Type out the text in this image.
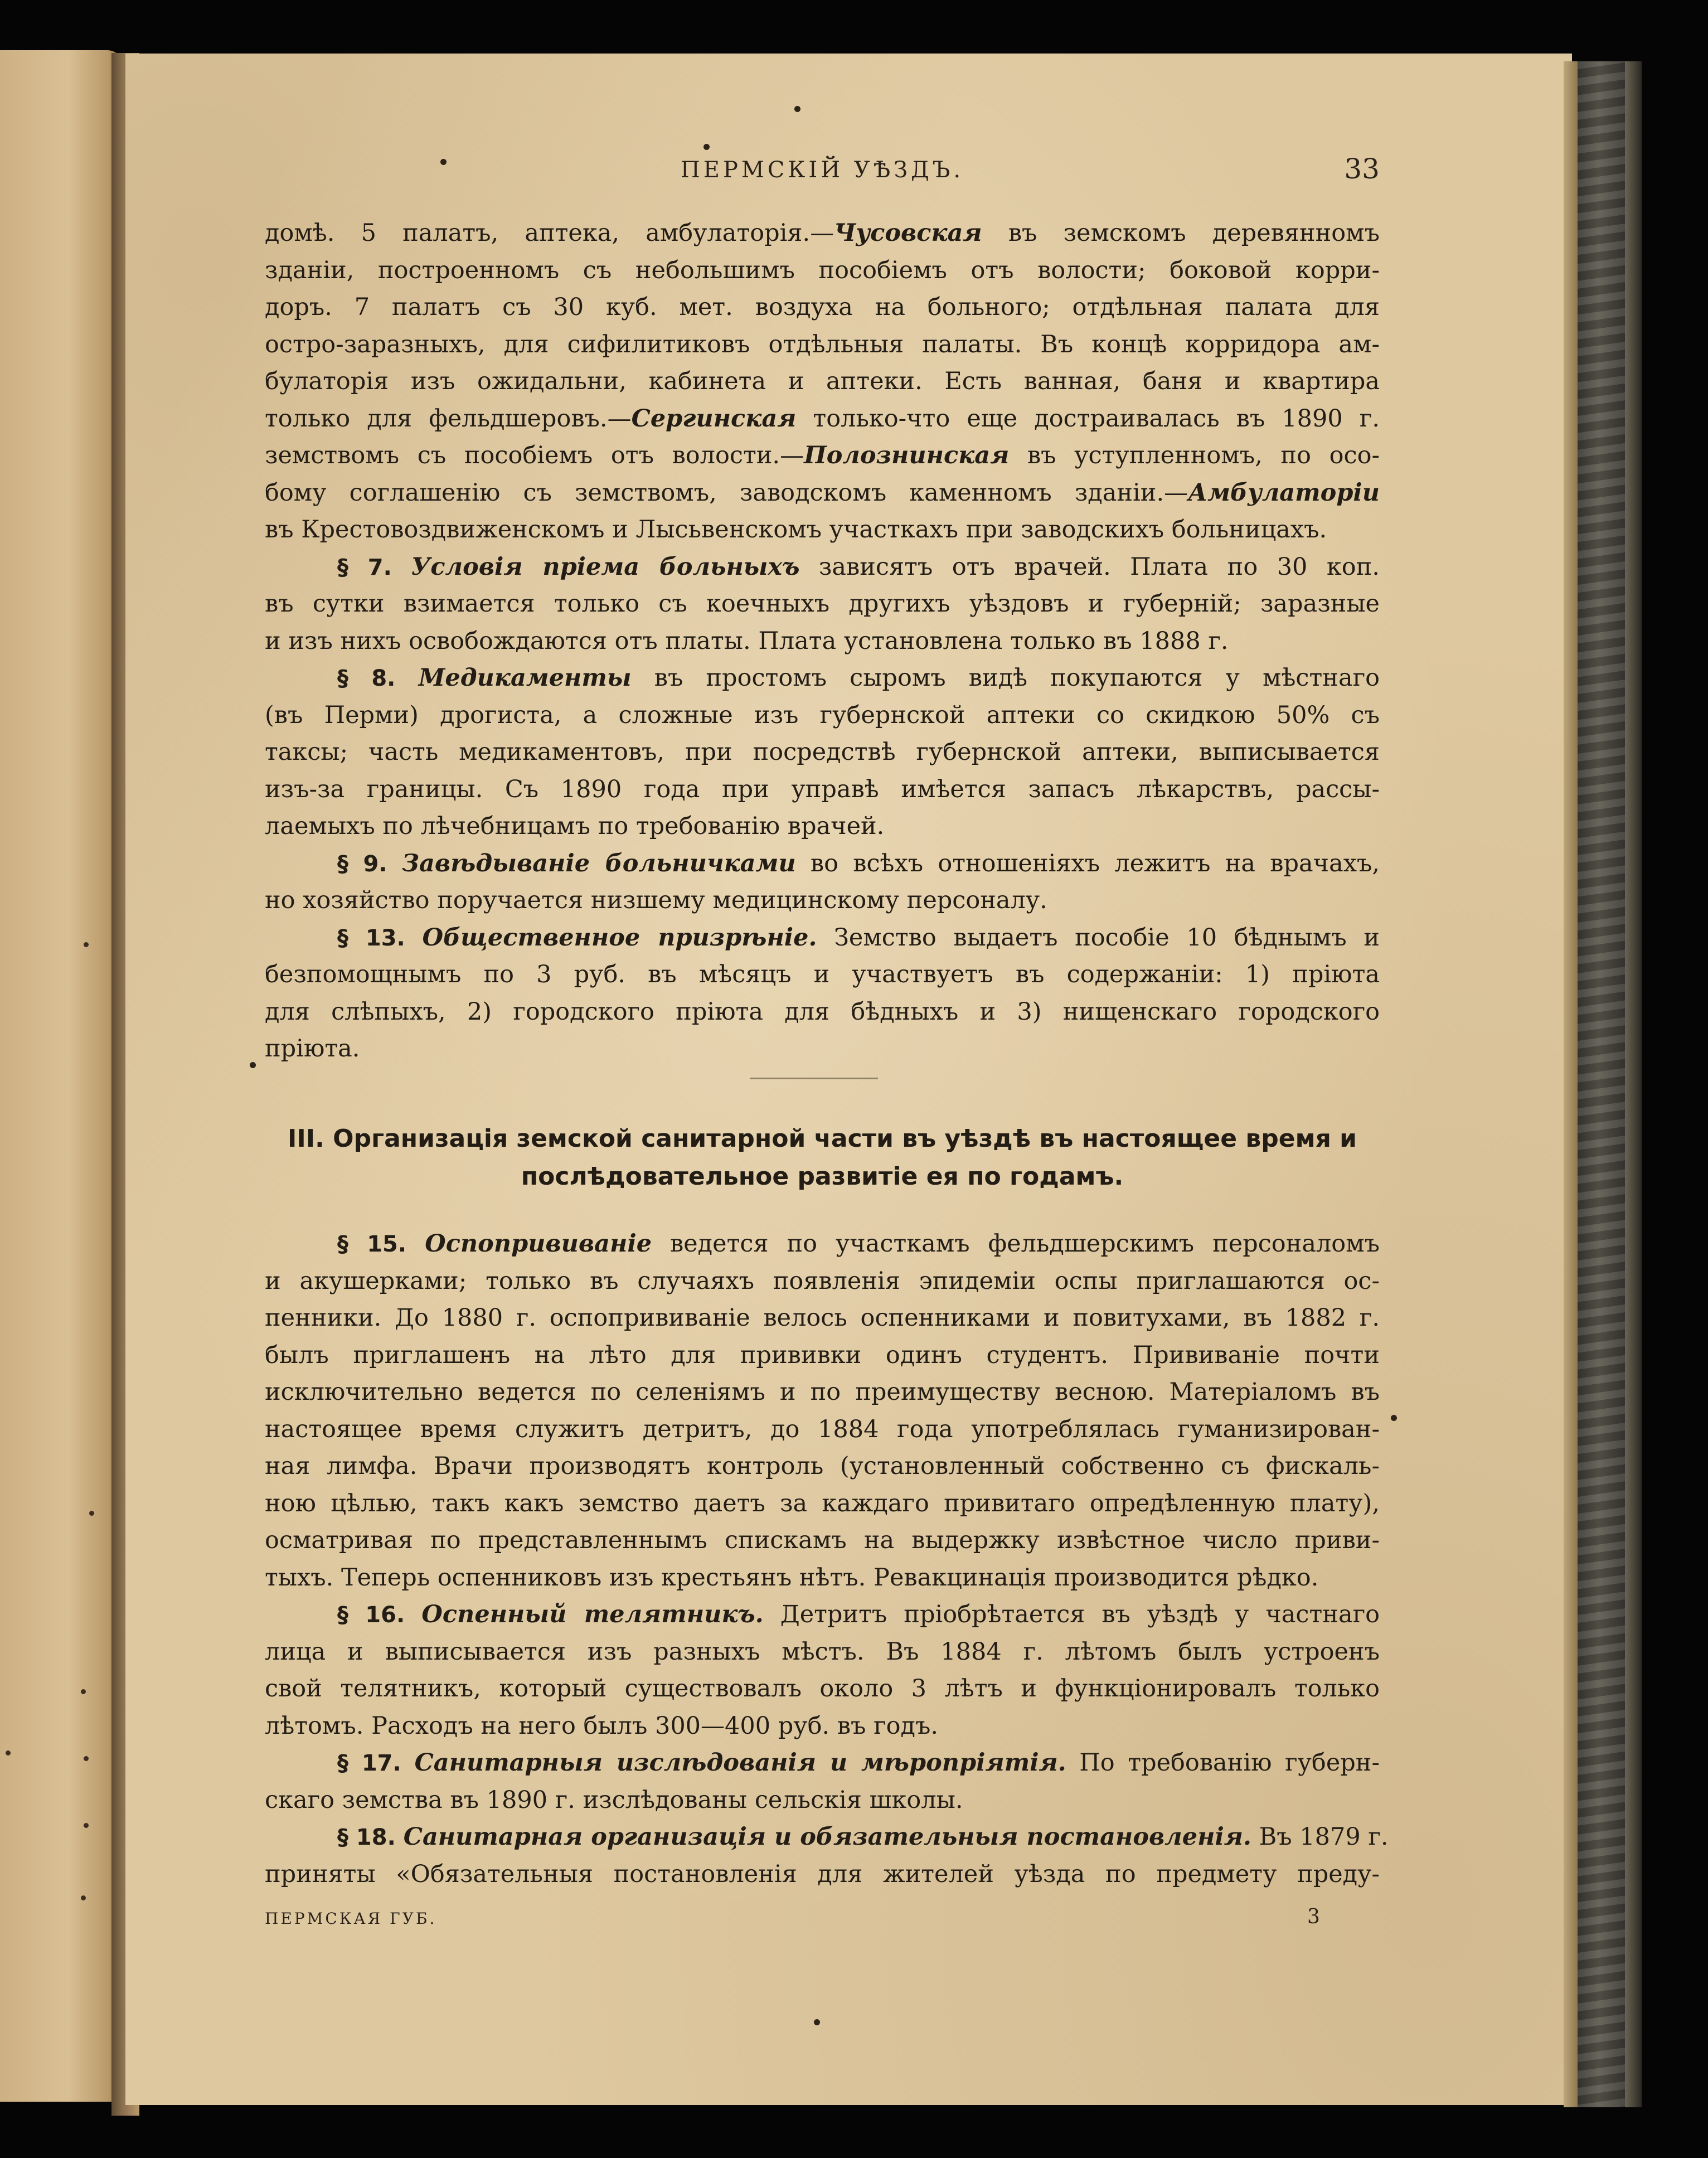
ПЕРМСКІЙ УѢЗДЪ.	33

домѣ. 5 палатъ, аптека, амбулаторія.—Чусовская въ земскомъ деревянномъ

зданіи, построенномъ съ небольшимъ пособіемъ отъ волости; боковой корри-

доръ. 7 палатъ съ 30 куб. мет. воздуха на больного; отдѣльная палата для

остро-заразныхъ, для сифилитиковъ отдѣльныя палаты. Въ концѣ корридора ам-

булаторія изъ ожидальни, кабинета и аптеки. Есть ванная, баня и квартира

только для фельдшеровъ.—Сергинская только-что еще достраивалась въ 1890 г.

земствомъ съ пособіемъ отъ волости.—Полознинская въ уступленномъ, по осо-

бому соглашенію съ земствомъ, заводскомъ каменномъ зданіи.—Амбулаторіи

въ Крестовоздвиженскомъ и Лысьвенскомъ участкахъ при заводскихъ больницахъ.

§ 7. Условія пріема больныхъ зависятъ отъ врачей. Плата по 30 коп.

въ сутки взимается только съ коечныхъ другихъ уѣздовъ и губерній; заразные

и изъ нихъ освобождаются отъ платы. Плата установлена только въ 1888 г.

§ 8. Медикаменты въ простомъ сыромъ видѣ покупаются у мѣстнаго

(въ Перми) дрогиста, а сложные изъ губернской аптеки со скидкою 50% съ

таксы; часть медикаментовъ, при посредствѣ губернской аптеки, выписывается

изъ-за границы. Съ 1890 года при управѣ имѣется запасъ лѣкарствъ, рассы-

лаемыхъ по лѣчебницамъ по требованію врачей.

§ 9. Завѣдываніе больничками во всѣхъ отношеніяхъ лежитъ на врачахъ,

но хозяйство поручается низшему медицинскому персоналу.

§ 13. Общественное призрѣніе. Земство выдаетъ пособіе 10 бѣднымъ и

безпомощнымъ по 3 руб. въ мѣсяцъ и участвуетъ въ содержаніи: 1) пріюта

для слѣпыхъ, 2) городского пріюта для бѣдныхъ и 3) нищенскаго городского

пріюта.

III. Организація земской санитарной части въ уѣздѣ въ настоящее время и
послѣдовательное развитіе ея по годамъ.

§ 15. Оспопрививаніе ведется по участкамъ фельдшерскимъ персоналомъ

и акушерками; только въ случаяхъ появленія эпидеміи оспы приглашаются ос-

пенники. До 1880 г. оспопрививаніе велось оспенниками и повитухами, въ 1882 г.

былъ приглашенъ на лѣто для прививки одинъ студентъ. Прививаніе почти

исключительно ведется по селеніямъ и по преимуществу весною. Матеріаломъ въ

настоящее время служитъ детритъ, до 1884 года употреблялась гуманизирован-

ная лимфа. Врачи производятъ контроль (установленный собственно съ фискаль-

ною цѣлью, такъ какъ земство даетъ за каждаго привитаго опредѣленную плату),

осматривая по представленнымъ спискамъ на выдержку извѣстное число приви-

тыхъ. Теперь оспенниковъ изъ крестьянъ нѣтъ. Ревакцинація производится рѣдко.

§ 16. Оспенный телятникъ. Детритъ пріобрѣтается въ уѣздѣ у частнаго

лица и выписывается изъ разныхъ мѣстъ. Въ 1884 г. лѣтомъ былъ устроенъ

свой телятникъ, который существовалъ около 3 лѣтъ и функціонировалъ только

лѣтомъ. Расходъ на него былъ 300—400 руб. въ годъ.

§ 17. Санитарныя изслѣдованія и мѣропріятія. По требованію губерн-

скаго земства въ 1890 г. изслѣдованы сельскія школы.

§ 18. Санитарная организація и обязательныя постановленія. Въ 1879 г.

приняты «Обязательныя постановленія для жителей уѣзда по предмету преду-

ПЕРМСКАЯ ГУБ.	3
